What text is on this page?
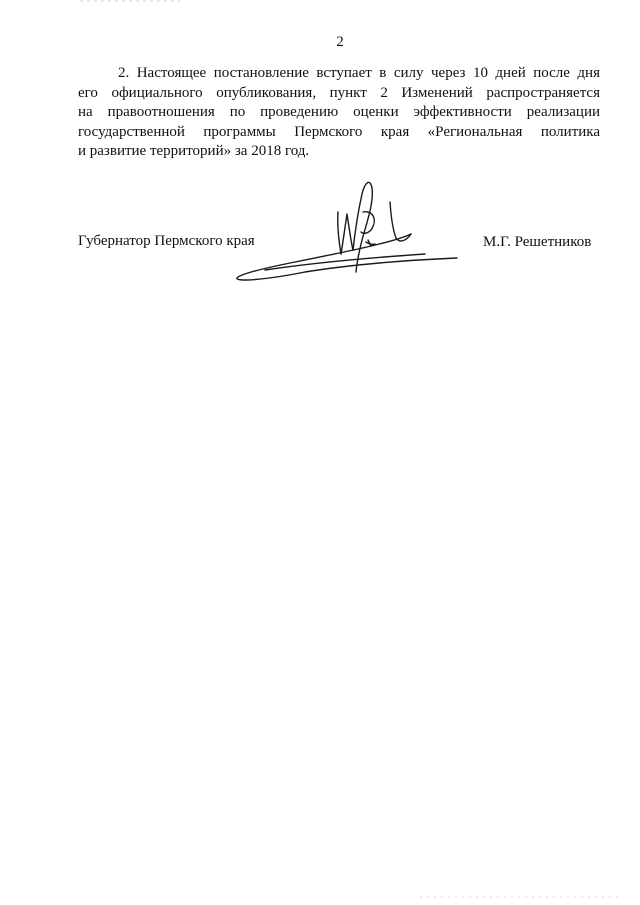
2
2. Настоящее постановление вступает в силу через 10 дней после дня
его официального опубликования, пункт 2 Изменений распространяется
на правоотношения по проведению оценки эффективности реализации
государственной программы Пермского края «Региональная политика
и развитие территорий» за 2018 год.
Губернатор Пермского края	М.Г. Решетников
